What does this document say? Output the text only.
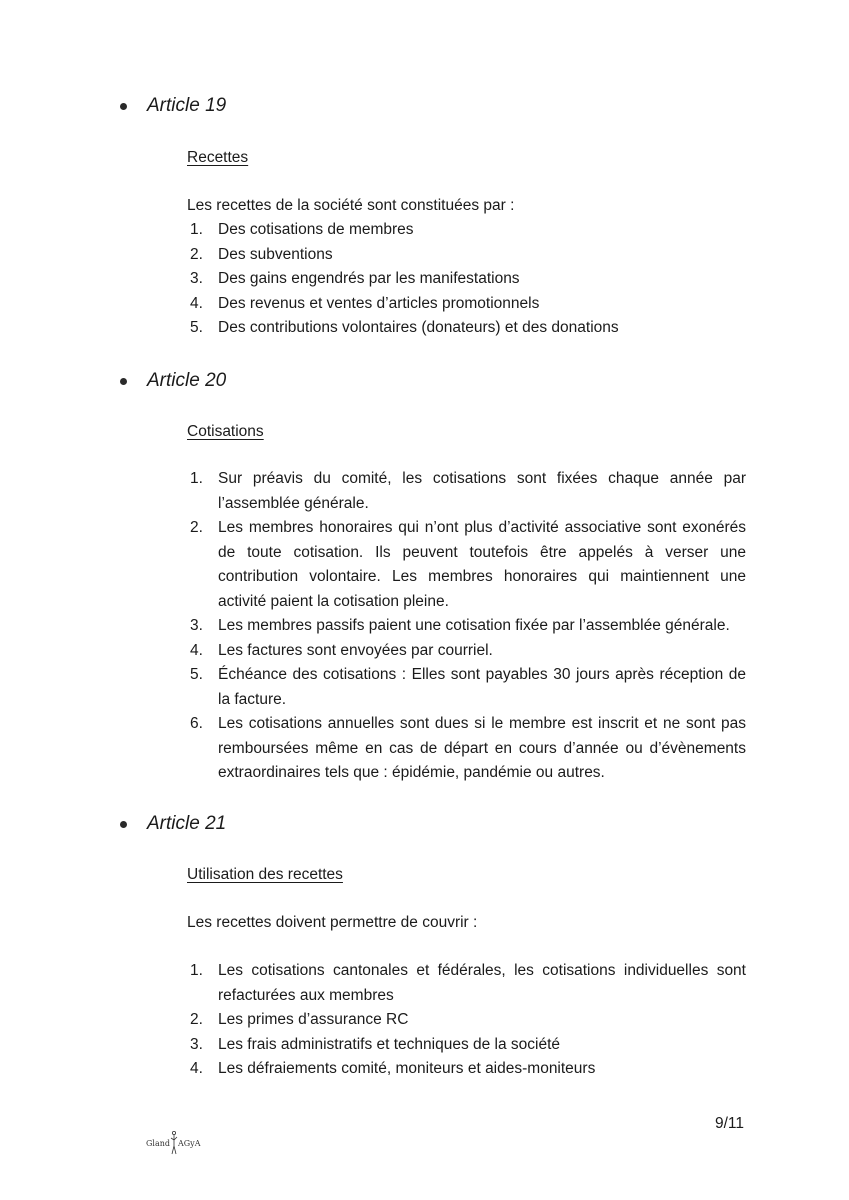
Article 19
Recettes
Les recettes de la société sont constituées par :
1. Des cotisations de membres
2. Des subventions
3. Des gains engendrés par les manifestations
4. Des revenus et ventes d’articles promotionnels
5. Des contributions volontaires (donateurs) et des donations
Article 20
Cotisations
1. Sur préavis du comité, les cotisations sont fixées chaque année par l’assemblée générale.
2. Les membres honoraires qui n’ont plus d’activité associative sont exonérés de toute cotisation. Ils peuvent toutefois être appelés à verser une contribution volontaire. Les membres honoraires qui maintiennent une activité paient la cotisation pleine.
3. Les membres passifs paient une cotisation fixée par l’assemblée générale.
4. Les factures sont envoyées par courriel.
5. Échéance des cotisations : Elles sont payables 30 jours après réception de la facture.
6. Les cotisations annuelles sont dues si le membre est inscrit et ne sont pas remboursées même en cas de départ en cours d’année ou d’évènements extraordinaires tels que : épidémie, pandémie ou autres.
Article 21
Utilisation des recettes
Les recettes doivent permettre de couvrir :
1. Les cotisations cantonales et fédérales, les cotisations individuelles sont refacturées aux membres
2. Les primes d’assurance RC
3. Les frais administratifs et techniques de la société
4. Les défraiements comité, moniteurs et aides-moniteurs
9/11
Gland AGyA
